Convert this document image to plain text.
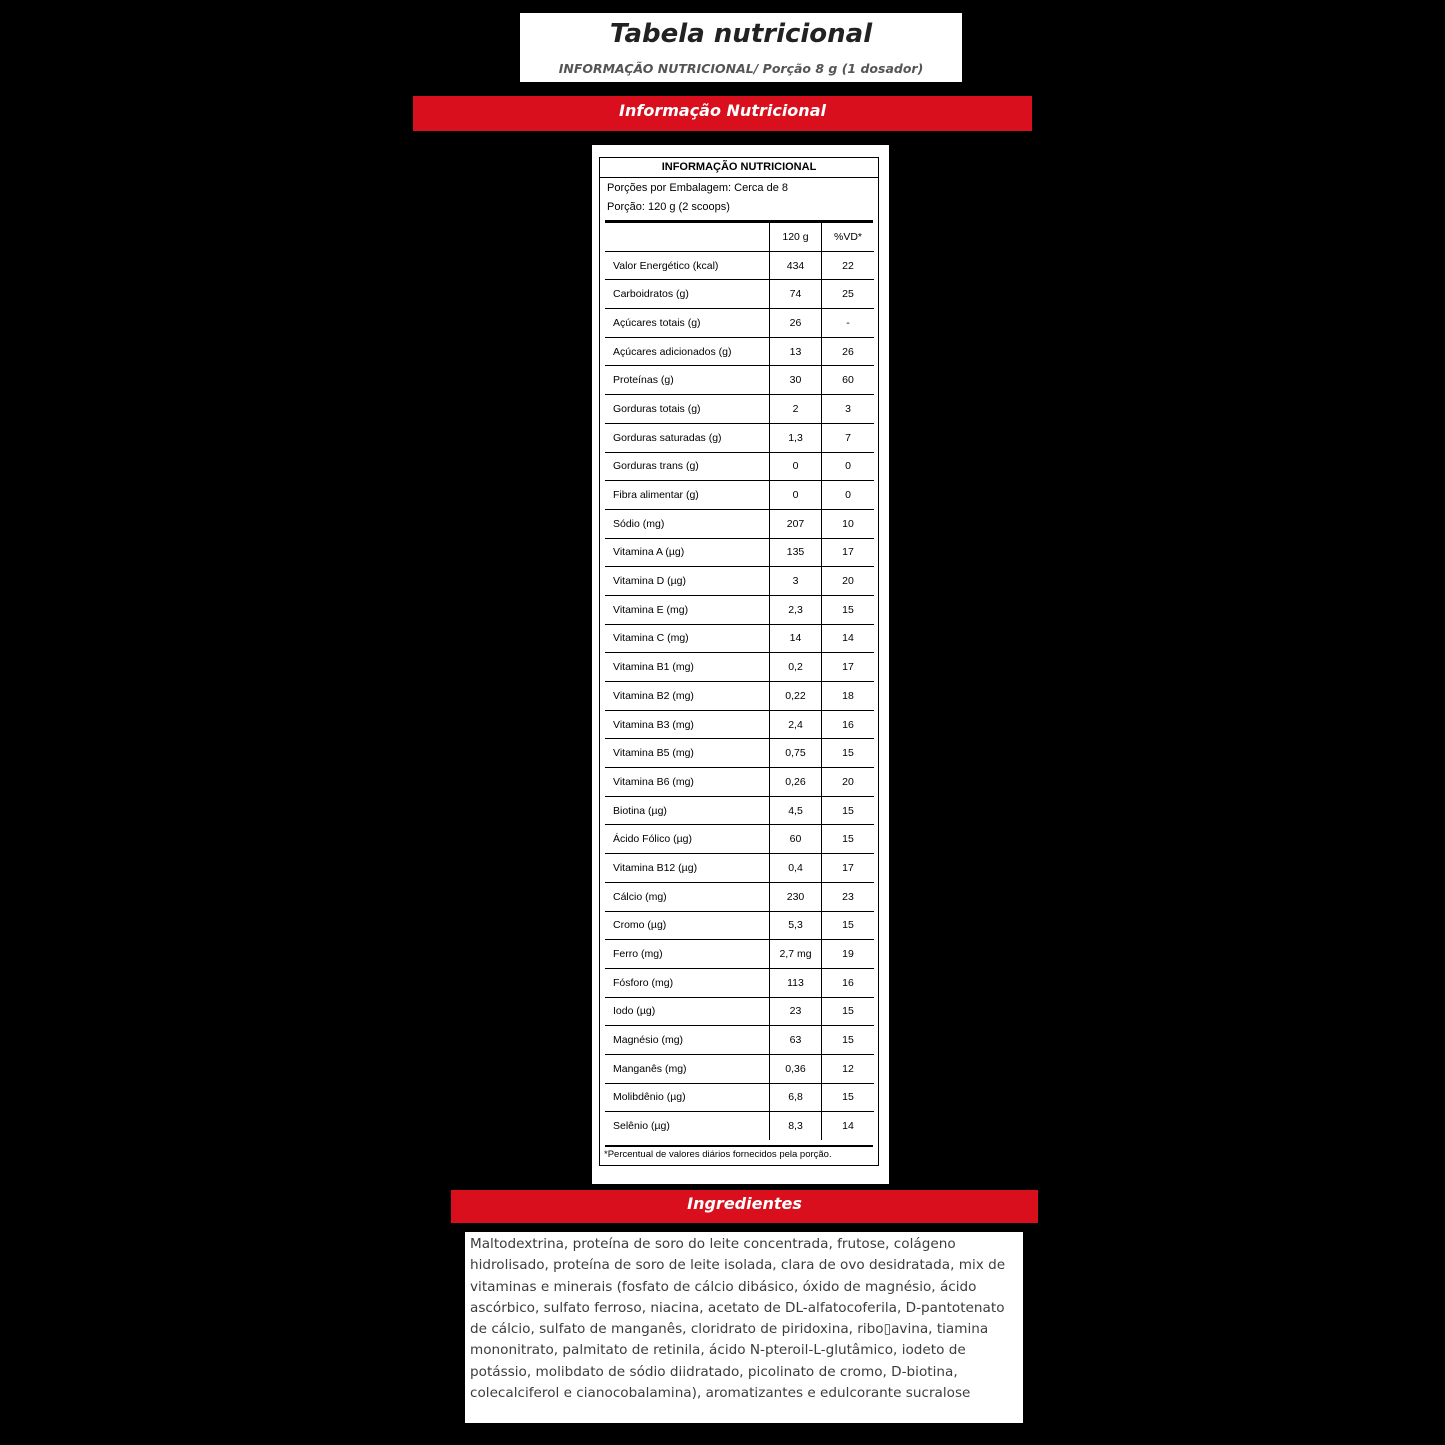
Tabela nutricional
INFORMAÇÃO NUTRICIONAL/ Porção 8 g (1 dosador)
Informação Nutricional
INFORMAÇÃO NUTRICIONAL
Porções por Embalagem: Cerca de 8
Porção: 120 g (2 scoops)
	120 g	%VD*
Valor Energético (kcal)	434	22
Carboidratos (g)	74	25
Açúcares totais (g)	26	-
Açúcares adicionados (g)	13	26
Proteínas (g)	30	60
Gorduras totais (g)	2	3
Gorduras saturadas (g)	1,3	7
Gorduras trans (g)	0	0
Fibra alimentar (g)	0	0
Sódio (mg)	207	10
Vitamina A (µg)	135	17
Vitamina D (µg)	3	20
Vitamina E (mg)	2,3	15
Vitamina C (mg)	14	14
Vitamina B1 (mg)	0,2	17
Vitamina B2 (mg)	0,22	18
Vitamina B3 (mg)	2,4	16
Vitamina B5 (mg)	0,75	15
Vitamina B6 (mg)	0,26	20
Biotina (µg)	4,5	15
Ácido Fólico (µg)	60	15
Vitamina B12 (µg)	0,4	17
Cálcio (mg)	230	23
Cromo (µg)	5,3	15
Ferro (mg)	2,7 mg	19
Fósforo (mg)	113	16
Iodo (µg)	23	15
Magnésio (mg)	63	15
Manganês (mg)	0,36	12
Molibdênio (µg)	6,8	15
Selênio (µg)	8,3	14
*Percentual de valores diários fornecidos pela porção.
Ingredientes
Maltodextrina, proteína de soro do leite concentrada, frutose, colágeno hidrolisado, proteína de soro de leite isolada, clara de ovo desidratada, mix de vitaminas e minerais (fosfato de cálcio dibásico, óxido de magnésio, ácido ascórbico, sulfato ferroso, niacina, acetato de DL-alfatocoferila, D-pantotenato de cálcio, sulfato de manganês, cloridrato de piridoxina, ribo▯avina, tiamina mononitrato, palmitato de retinila, ácido N-pteroil-L-glutâmico, iodeto de potássio, molibdato de sódio diidratado, picolinato de cromo, D-biotina, colecalciferol e cianocobalamina), aromatizantes e edulcorante sucralose
